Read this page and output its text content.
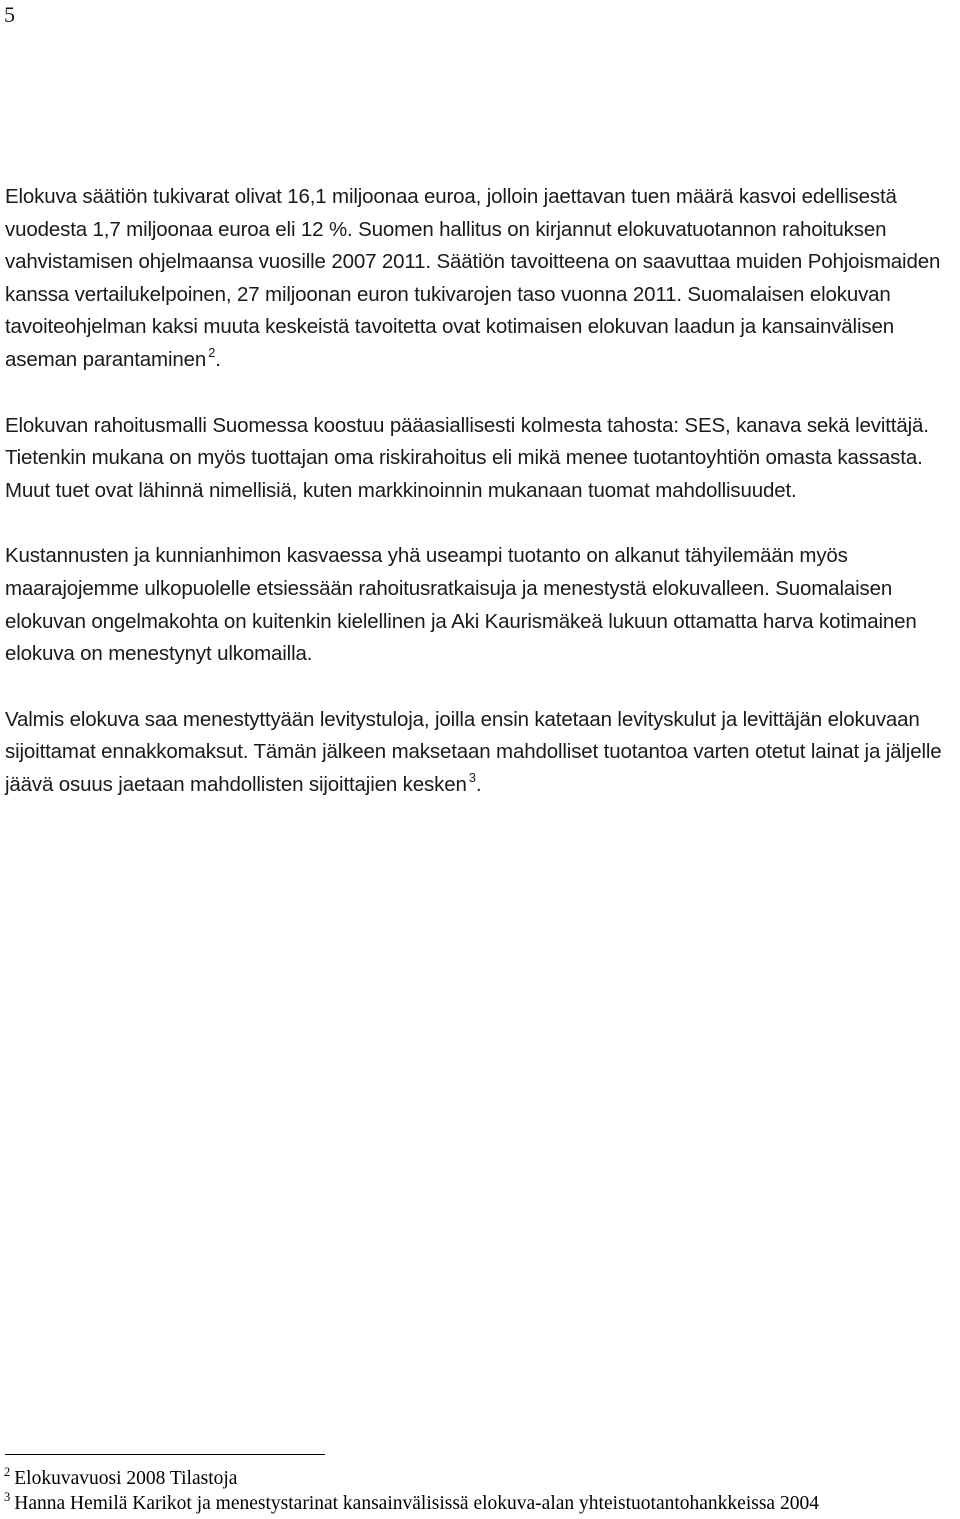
5

Elokuva säätiön tukivarat olivat 16,1 miljoonaa euroa, jolloin jaettavan tuen määrä kasvoi edellisestä vuodesta 1,7 miljoonaa euroa eli 12 %. Suomen hallitus on kirjannut elokuvatuotannon rahoituksen vahvistamisen ohjelmaansa vuosille 2007 2011. Säätiön tavoitteena on saavuttaa muiden Pohjoismaiden kanssa vertailukelpoinen, 27 miljoonan euron tukivarojen taso vuonna 2011. Suomalaisen elokuvan tavoiteohjelman kaksi muuta keskeistä tavoitetta ovat kotimaisen elokuvan laadun ja kansainvälisen aseman parantaminen $^2$.

Elokuvan rahoitusmalli Suomessa koostuu pääasiallisesti kolmesta tahosta: SES, kanava sekä levittäjä. Tietenkin mukana on myös tuottajan oma riskirahoitus eli mikä menee tuotantoyhtiön omasta kassasta. Muut tuet ovat lähinnä nimellisiä, kuten markkinoinnin mukanaan tuomat mahdollisuudet.

Kustannusten ja kunnianhimon kasvaessa yhä useampi tuotanto on alkanut tähyilemään myös maarajojemme ulkopuolelle etsiessään rahoitusratkaisuja ja menestystä elokuvalleen. Suomalaisen elokuvan ongelmakohta on kuitenkin kielellinen ja Aki Kaurismäkeä lukuun ottamatta harva kotimainen elokuva on menestynyt ulkomailla.

Valmis elokuva saa menestyttyään levitystuloja, joilla ensin katetaan levityskulut ja levittäjän elokuvaan sijoittamat ennakkomaksut. Tämän jälkeen maksetaan mahdolliset tuotantoa varten otetut lainat ja jäljelle jäävä osuus jaetaan mahdollisten sijoittajien kesken $^3$.

$^2$ Elokuvavuosi 2008 Tilastoja
$^3$ Hanna Hemilä Karikot ja menestystarinat kansainvälisissä elokuva-alan yhteistuotantohankkeissa 2004
